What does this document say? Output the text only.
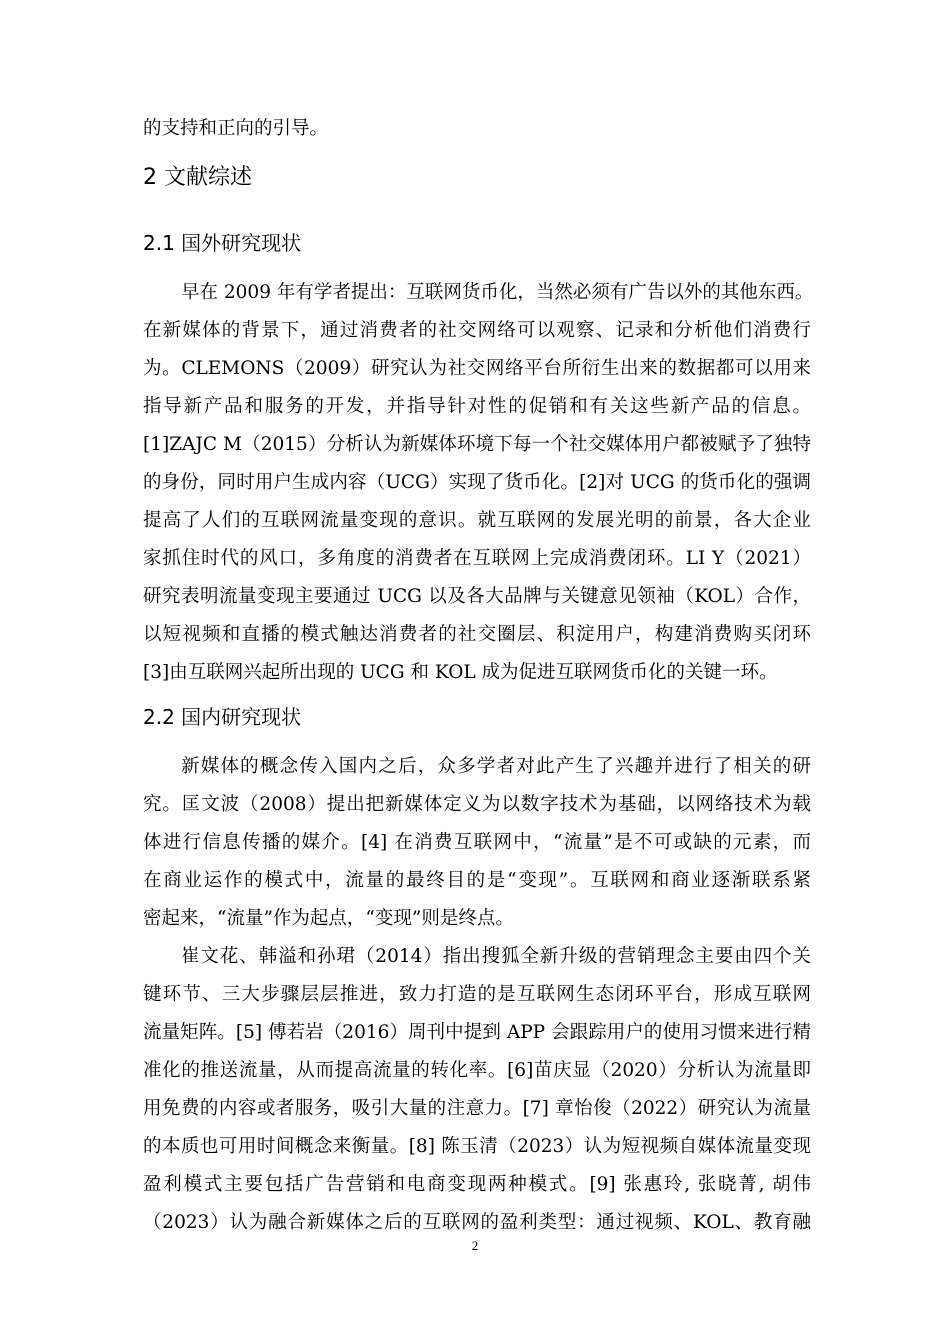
的支持和正向的引导。
2 文献综述
2.1 国外研究现状
早在 2009 年有学者提出：互联网货币化，当然必须有广告以外的其他东西。
在新媒体的背景下，通过消费者的社交网络可以观察、记录和分析他们消费行
为。CLEMONS（2009）研究认为社交网络平台所衍生出来的数据都可以用来
指导新产品和服务的开发，并指导针对性的促销和有关这些新产品的信息。
[1]ZAJC M（2015）分析认为新媒体环境下每一个社交媒体用户都被赋予了独特
的身份，同时用户生成内容（UCG）实现了货币化。[2]对 UCG 的货币化的强调
提高了人们的互联网流量变现的意识。就互联网的发展光明的前景，各大企业
家抓住时代的风口，多角度的消费者在互联网上完成消费闭环。LI Y（2021）
研究表明流量变现主要通过 UCG 以及各大品牌与关键意见领袖（KOL）合作，
以短视频和直播的模式触达消费者的社交圈层、积淀用户，构建消费购买闭环
[3]由互联网兴起所出现的 UCG 和 KOL 成为促进互联网货币化的关键一环。
2.2 国内研究现状
新媒体的概念传入国内之后，众多学者对此产生了兴趣并进行了相关的研
究。匡文波（2008）提出把新媒体定义为以数字技术为基础，以网络技术为载
体进行信息传播的媒介。[4] 在消费互联网中，“流量”是不可或缺的元素，而
在商业运作的模式中，流量的最终目的是“变现”。互联网和商业逐渐联系紧
密起来，“流量”作为起点，“变现”则是终点。
崔文花、韩溢和孙珺（2014）指出搜狐全新升级的营销理念主要由四个关
键环节、三大步骤层层推进，致力打造的是互联网生态闭环平台，形成互联网
流量矩阵。[5] 傅若岩（2016）周刊中提到 APP 会跟踪用户的使用习惯来进行精
准化的推送流量，从而提高流量的转化率。[6]苗庆显（2020）分析认为流量即
用免费的内容或者服务，吸引大量的注意力。[7] 章怡俊（2022）研究认为流量
的本质也可用时间概念来衡量。[8] 陈玉清（2023）认为短视频自媒体流量变现
盈利模式主要包括广告营销和电商变现两种模式。[9] 张惠玲, 张晓菁, 胡伟
（2023）认为融合新媒体之后的互联网的盈利类型：通过视频、KOL、教育融
2
